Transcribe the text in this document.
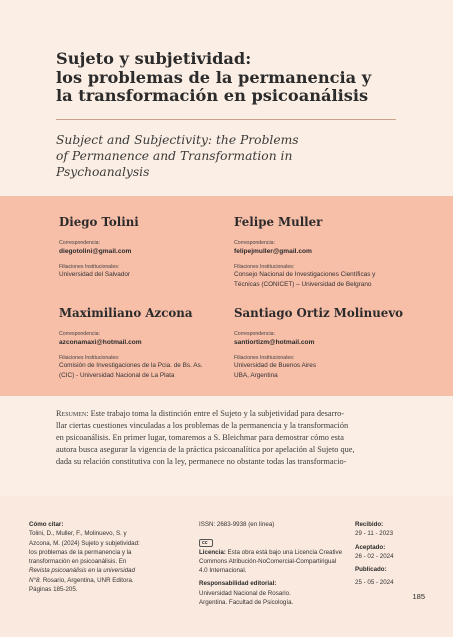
Sujeto y subjetividad:
los problemas de la permanencia y
la transformación en psicoanálisis
Subject and Subjectivity: the Problems
of Permanence and Transformation in
Psychoanalysis
Diego Tolini
Correspondencia:
diegotolini@gmail.com
Filiaciones Institucionales:
Universidad del Salvador
Felipe Muller
Correspondencia:
felipejmuller@gmail.com
Filiaciones Institucionales:
Consejo Nacional de Investigaciones Científicas y
Técnicas (CONICET) – Universidad de Belgrano
Maximiliano Azcona
Correspondencia:
azconamaxi@hotmail.com
Filiaciones Institucionales:
Comisión de Investigaciones de la Pcia. de Bs. As.
(CIC) - Universidad Nacional de La Plata
Santiago Ortiz Molinuevo
Correspondencia:
santiortizm@hotmail.com
Filiaciones Institucionales:
Universidad de Buenos Aires
UBA, Argentina
Resumen: Este trabajo toma la distinción entre el Sujeto y la subjetividad para desarro-
llar ciertas cuestiones vinculadas a los problemas de la permanencia y la transformación
en psicoanálisis. En primer lugar, tomaremos a S. Bleichmar para demostrar cómo esta
autora busca asegurar la vigencia de la práctica psicoanalítica por apelación al Sujeto que,
dada su relación constitutiva con la ley, permanece no obstante todas las transformacio-
Cómo citar:
Tolini, D., Muller, F., Molinuevo, S. y
Azcona, M. (2024) Sujeto y subjetividad:
los problemas de la permanencia y la
transformación en psicoanálisis. En
Revista psicoanálisis en la universidad
N°8. Rosario, Argentina, UNR Editora.
Páginas 185-205.
ISSN: 2683-9938 (en línea)
cc
Licencia: Esta obra está bajo una Licencia Creative
Commons Atribución-NoComercial-Compartirigual
4.0 Internacional.
Responsabilidad editorial:
Universidad Nacional de Rosario.
Argentina. Facultad de Psicología.
Recibido:
29 - 11 - 2023
Aceptado:
26 - 02 - 2024
Publicado:
25 - 05 - 2024
185
